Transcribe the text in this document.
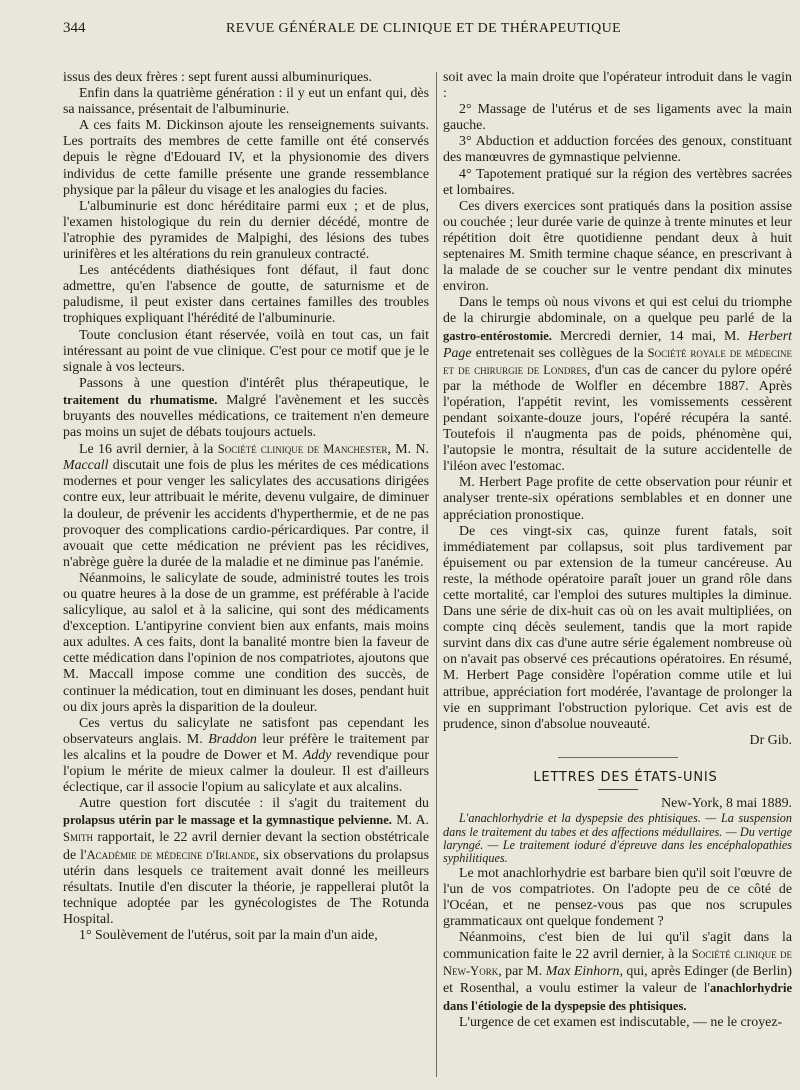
344	REVUE GÉNÉRALE DE CLINIQUE ET DE THÉRAPEUTIQUE

issus des deux frères : sept furent aussi albuminuriques.

Enfin dans la quatrième génération : il y eut un enfant qui, dès sa naissance, présentait de l'albuminurie.

A ces faits M. Dickinson ajoute les renseignements suivants. Les portraits des membres de cette famille ont été conservés depuis le règne d'Edouard IV, et la physionomie des divers individus de cette famille présente une grande ressemblance physique par la pâleur du visage et les analogies du facies.

L'albuminurie est donc héréditaire parmi eux ; et de plus, l'examen histologique du rein du dernier décédé, montre de l'atrophie des pyramides de Malpighi, des lésions des tubes urinifères et les altérations du rein granuleux contracté.

Les antécédents diathésiques font défaut, il faut donc admettre, qu'en l'absence de goutte, de saturnisme et de paludisme, il peut exister dans certaines familles des troubles trophiques expliquant l'hérédité de l'albuminurie.

Toute conclusion étant réservée, voilà en tout cas, un fait intéressant au point de vue clinique. C'est pour ce motif que je le signale à vos lecteurs.

Passons à une question d'intérêt plus thérapeutique, le traitement du rhumatisme. Malgré l'avènement et les succès bruyants des nouvelles médications, ce traitement n'en demeure pas moins un sujet de débats toujours actuels.

Le 16 avril dernier, à la Société clinique de Manchester, M. N. Maccall discutait une fois de plus les mérites de ces médications modernes et pour venger les salicylates des accusations dirigées contre eux, leur attribuait le mérite, devenu vulgaire, de diminuer la douleur, de prévenir les accidents d'hyperthermie, et de ne pas provoquer des complications cardio-péricardiques. Par contre, il avouait que cette médication ne prévient pas les récidives, n'abrège guère la durée de la maladie et ne diminue pas l'anémie.

Néanmoins, le salicylate de soude, administré toutes les trois ou quatre heures à la dose de un gramme, est préférable à l'acide salicylique, au salol et à la salicine, qui sont des médicaments d'exception. L'antipyrine convient bien aux enfants, mais moins aux adultes. A ces faits, dont la banalité montre bien la faveur de cette médication dans l'opinion de nos compatriotes, ajoutons que M. Maccall impose comme une condition des succès, de continuer la médication, tout en diminuant les doses, pendant huit ou dix jours après la disparition de la douleur.

Ces vertus du salicylate ne satisfont pas cependant les observateurs anglais. M. Braddon leur préfère le traitement par les alcalins et la poudre de Dower et M. Addy revendique pour l'opium le mérite de mieux calmer la douleur. Il est d'ailleurs éclectique, car il associe l'opium au salicylate et aux alcalins.

Autre question fort discutée : il s'agit du traitement du prolapsus utérin par le massage et la gymnastique pelvienne. M. A. Smith rapportait, le 22 avril dernier devant la section obstétricale de l'Académie de médecine d'Irlande, six observations du prolapsus utérin dans lesquels ce traitement avait donné les meilleurs résultats. Inutile d'en discuter la théorie, je rappellerai plutôt la technique adoptée par les gynécologistes de The Rotunda Hospital.

1° Soulèvement de l'utérus, soit par la main d'un aide,

soit avec la main droite que l'opérateur introduit dans le vagin :

2° Massage de l'utérus et de ses ligaments avec la main gauche.

3° Abduction et adduction forcées des genoux, constituant des manœuvres de gymnastique pelvienne.

4° Tapotement pratiqué sur la région des vertèbres sacrées et lombaires.

Ces divers exercices sont pratiqués dans la position assise ou couchée ; leur durée varie de quinze à trente minutes et leur répétition doit être quotidienne pendant deux à huit septenaires M. Smith termine chaque séance, en prescrivant à la malade de se coucher sur le ventre pendant dix minutes environ.

Dans le temps où nous vivons et qui est celui du triomphe de la chirurgie abdominale, on a quelque peu parlé de la gastro-entérostomie. Mercredi dernier, 14 mai, M. Herbert Page entretenait ses collègues de la Société royale de médecine et de chirurgie de Londres, d'un cas de cancer du pylore opéré par la méthode de Wolfler en décembre 1887. Après l'opération, l'appétit revint, les vomissements cessèrent pendant soixante-douze jours, l'opéré récupéra la santé. Toutefois il n'augmenta pas de poids, phénomène qui, l'autopsie le montra, résultait de la suture accidentelle de l'iléon avec l'estomac.

M. Herbert Page profite de cette observation pour réunir et analyser trente-six opérations semblables et en donner une appréciation pronostique.

De ces vingt-six cas, quinze furent fatals, soit immédiatement par collapsus, soit plus tardivement par épuisement ou par extension de la tumeur cancéreuse. Au reste, la méthode opératoire paraît jouer un grand rôle dans cette mortalité, car l'emploi des sutures multiples la diminue. Dans une série de dix-huit cas où on les avait multipliées, on compte cinq décès seulement, tandis que la mort rapide survint dans dix cas d'une autre série également nombreuse où on n'avait pas observé ces précautions opératoires. En résumé, M. Herbert Page considère l'opération comme utile et lui attribue, appréciation fort modérée, l'avantage de prolonger la vie en supprimant l'obstruction pylorique. Cet avis est de prudence, sinon d'absolue nouveauté.

Dr Gib.

LETTRES DES ÉTATS-UNIS

New-York, 8 mai 1889.

L'anachlorhydrie et la dyspepsie des phtisiques. — La suspension dans le traitement du tabes et des affections médullaires. — Du vertige laryngé. — Le traitement ioduré d'épreuve dans les encéphalopathies syphilitiques.

Le mot anachlorhydrie est barbare bien qu'il soit l'œuvre de l'un de vos compatriotes. On l'adopte peu de ce côté de l'Océan, et ne pensez-vous pas que nos scrupules grammaticaux ont quelque fondement ?

Néanmoins, c'est bien de lui qu'il s'agit dans la communication faite le 22 avril dernier, à la Société clinique de New-York, par M. Max Einhorn, qui, après Edinger (de Berlin) et Rosenthal, a voulu estimer la valeur de l'anachlorhydrie dans l'étiologie de la dyspepsie des phtisiques.

L'urgence de cet examen est indiscutable, — ne le croyez-
